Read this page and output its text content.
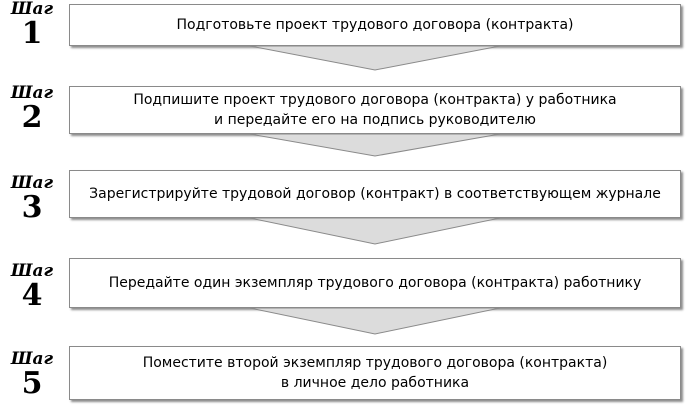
Шаг
1	Подготовьте проект трудового договора (контракта)
Шаг
2	Подпишите проект трудового договора (контракта) у работника
и передайте его на подпись руководителю
Шаг
3	Зарегистрируйте трудовой договор (контракт) в соответствующем журнале
Шаг
4	Передайте один экземпляр трудового договора (контракта) работнику
Шаг
5
Поместите второй экземпляр трудового договора (контракта)
в личное дело работника
